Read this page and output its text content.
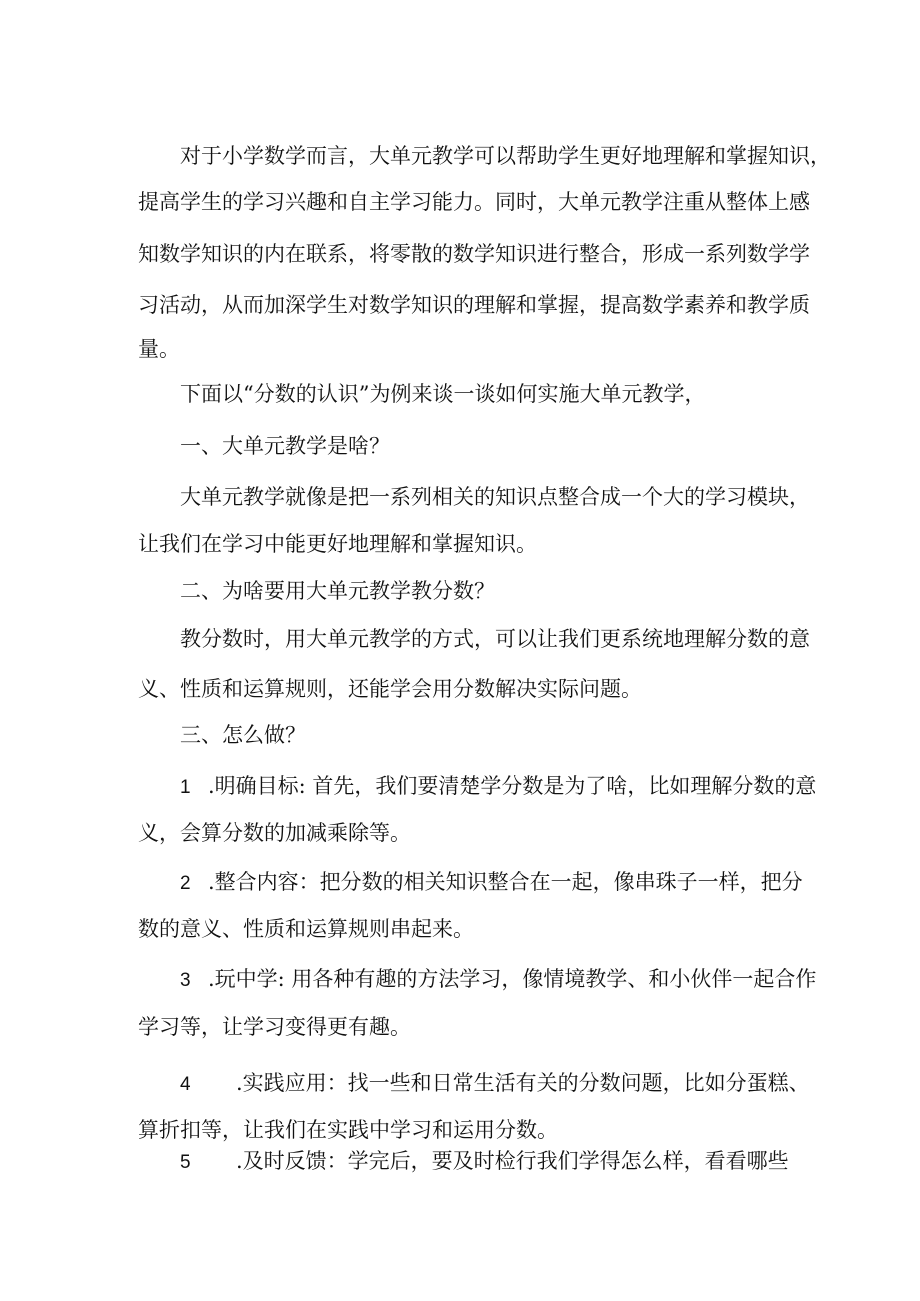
对于小学数学而言，大单元教学可以帮助学生更好地理解和掌握知识，

提高学生的学习兴趣和自主学习能力。同时，大单元教学注重从整体上感

知数学知识的内在联系，将零散的数学知识进行整合，形成一系列数学学

习活动，从而加深学生对数学知识的理解和掌握，提高数学素养和教学质

量。

下面以“分数的认识”为例来谈一谈如何实施大单元教学，

一、大单元教学是啥？

大单元教学就像是把一系列相关的知识点整合成一个大的学习模块，

让我们在学习中能更好地理解和掌握知识。

二、为啥要用大单元教学教分数？

教分数时，用大单元教学的方式，可以让我们更系统地理解分数的意

义、性质和运算规则，还能学会用分数解决实际问题。

三、怎么做？

1 .明确目标: 首先，我们要清楚学分数是为了啥，比如理解分数的意

义，会算分数的加减乘除等。

2 .整合内容：把分数的相关知识整合在一起，像串珠子一样，把分

数的意义、性质和运算规则串起来。

3 .玩中学: 用各种有趣的方法学习，像情境教学、和小伙伴一起合作

学习等，让学习变得更有趣。

4 .实践应用：找一些和日常生活有关的分数问题，比如分蛋糕、

算折扣等，让我们在实践中学习和运用分数。

5 .及时反馈：学完后，要及时检行我们学得怎么样，看看哪些
